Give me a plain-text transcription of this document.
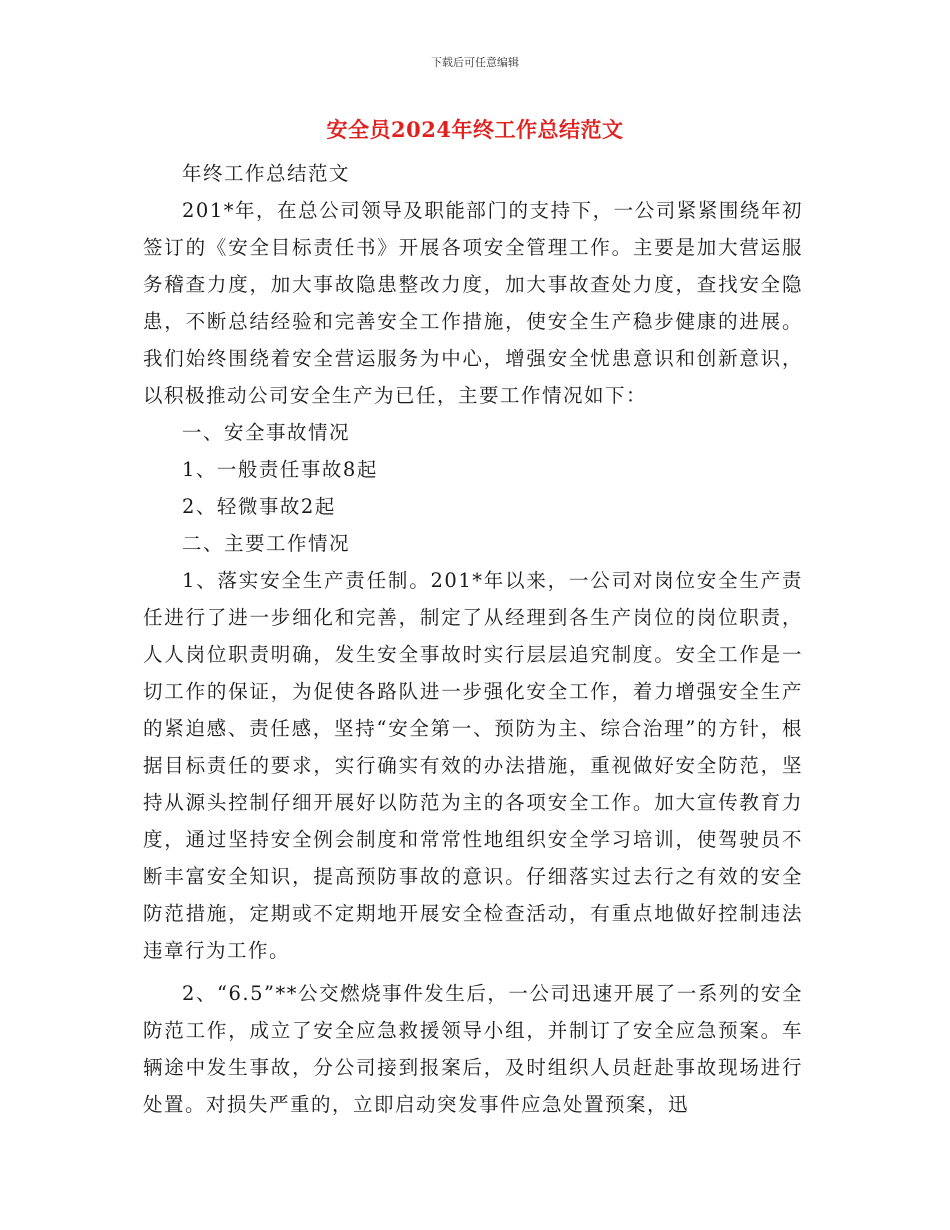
下载后可任意编辑
安全员2024年终工作总结范文

年终工作总结范文

201*年，在总公司领导及职能部门的支持下，一公司紧紧围绕年初签订的《安全目标责任书》开展各项安全管理工作。主要是加大营运服务稽查力度，加大事故隐患整改力度，加大事故查处力度，查找安全隐患，不断总结经验和完善安全工作措施，使安全生产稳步健康的进展。我们始终围绕着安全营运服务为中心，增强安全忧患意识和创新意识，以积极推动公司安全生产为已任，主要工作情况如下：

一、安全事故情况

1、一般责任事故8起

2、轻微事故2起

二、主要工作情况

1、落实安全生产责任制。201*年以来，一公司对岗位安全生产责任进行了进一步细化和完善，制定了从经理到各生产岗位的岗位职责，人人岗位职责明确，发生安全事故时实行层层追究制度。安全工作是一切工作的保证，为促使各路队进一步强化安全工作，着力增强安全生产的紧迫感、责任感，坚持“安全第一、预防为主、综合治理”的方针，根据目标责任的要求，实行确实有效的办法措施，重视做好安全防范，坚持从源头控制仔细开展好以防范为主的各项安全工作。加大宣传教育力度，通过坚持安全例会制度和常常性地组织安全学习培训，使驾驶员不断丰富安全知识，提高预防事故的意识。仔细落实过去行之有效的安全防范措施，定期或不定期地开展安全检查活动，有重点地做好控制违法违章行为工作。

2、“6.5”**公交燃烧事件发生后，一公司迅速开展了一系列的安全防范工作，成立了安全应急救援领导小组，并制订了安全应急预案。车辆途中发生事故，分公司接到报案后，及时组织人员赶赴事故现场进行处置。对损失严重的，立即启动突发事件应急处置预案，迅
